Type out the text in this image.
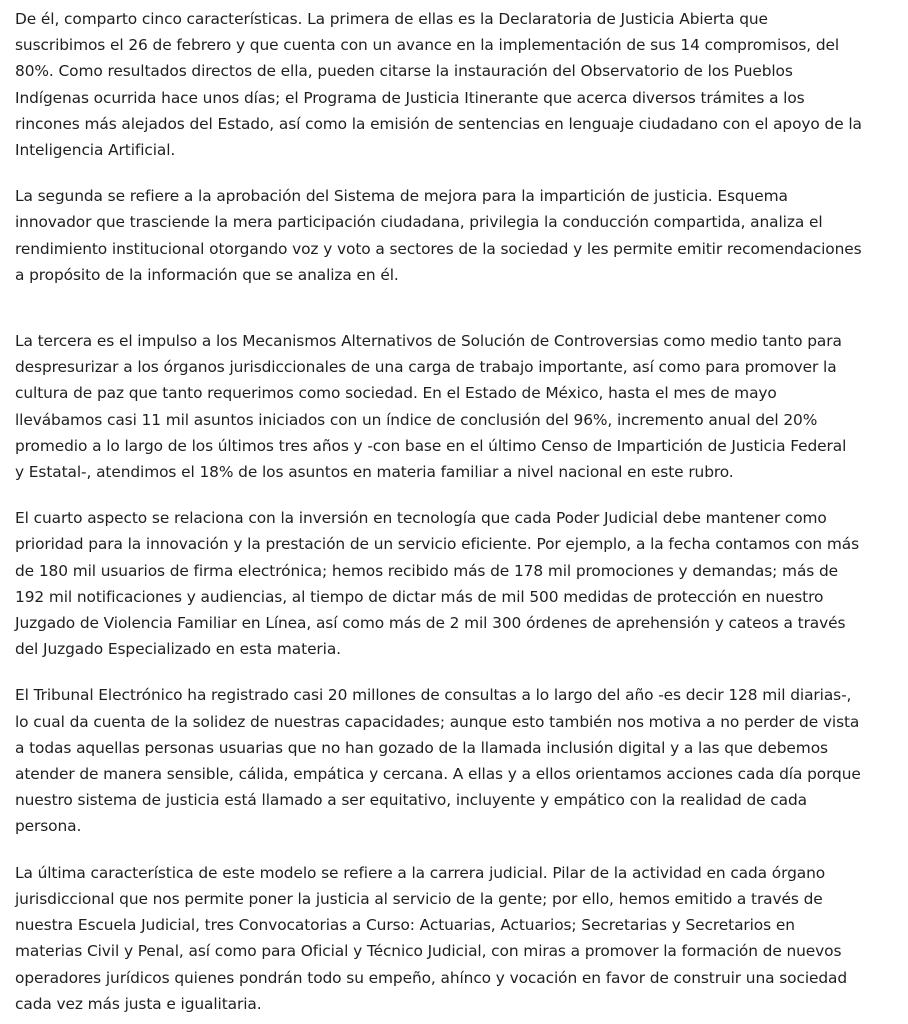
De él, comparto cinco características. La primera de ellas es la Declaratoria de Justicia Abierta que
suscribimos el 26 de febrero y que cuenta con un avance en la implementación de sus 14 compromisos, del
80%. Como resultados directos de ella, pueden citarse la instauración del Observatorio de los Pueblos
Indígenas ocurrida hace unos días; el Programa de Justicia Itinerante que acerca diversos trámites a los
rincones más alejados del Estado, así como la emisión de sentencias en lenguaje ciudadano con el apoyo de la
Inteligencia Artificial.

La segunda se refiere a la aprobación del Sistema de mejora para la impartición de justicia. Esquema
innovador que trasciende la mera participación ciudadana, privilegia la conducción compartida, analiza el
rendimiento institucional otorgando voz y voto a sectores de la sociedad y les permite emitir recomendaciones
a propósito de la información que se analiza en él.

La tercera es el impulso a los Mecanismos Alternativos de Solución de Controversias como medio tanto para
despresurizar a los órganos jurisdiccionales de una carga de trabajo importante, así como para promover la
cultura de paz que tanto requerimos como sociedad. En el Estado de México, hasta el mes de mayo
llevábamos casi 11 mil asuntos iniciados con un índice de conclusión del 96%, incremento anual del 20%
promedio a lo largo de los últimos tres años y -con base en el último Censo de Impartición de Justicia Federal
y Estatal-, atendimos el 18% de los asuntos en materia familiar a nivel nacional en este rubro.

El cuarto aspecto se relaciona con la inversión en tecnología que cada Poder Judicial debe mantener como
prioridad para la innovación y la prestación de un servicio eficiente. Por ejemplo, a la fecha contamos con más
de 180 mil usuarios de firma electrónica; hemos recibido más de 178 mil promociones y demandas; más de
192 mil notificaciones y audiencias, al tiempo de dictar más de mil 500 medidas de protección en nuestro
Juzgado de Violencia Familiar en Línea, así como más de 2 mil 300 órdenes de aprehensión y cateos a través
del Juzgado Especializado en esta materia.

El Tribunal Electrónico ha registrado casi 20 millones de consultas a lo largo del año -es decir 128 mil diarias-,
lo cual da cuenta de la solidez de nuestras capacidades; aunque esto también nos motiva a no perder de vista
a todas aquellas personas usuarias que no han gozado de la llamada inclusión digital y a las que debemos
atender de manera sensible, cálida, empática y cercana. A ellas y a ellos orientamos acciones cada día porque
nuestro sistema de justicia está llamado a ser equitativo, incluyente y empático con la realidad de cada
persona.

La última característica de este modelo se refiere a la carrera judicial. Pilar de la actividad en cada órgano
jurisdiccional que nos permite poner la justicia al servicio de la gente; por ello, hemos emitido a través de
nuestra Escuela Judicial, tres Convocatorias a Curso: Actuarias, Actuarios; Secretarias y Secretarios en
materias Civil y Penal, así como para Oficial y Técnico Judicial, con miras a promover la formación de nuevos
operadores jurídicos quienes pondrán todo su empeño, ahínco y vocación en favor de construir una sociedad
cada vez más justa e igualitaria.
